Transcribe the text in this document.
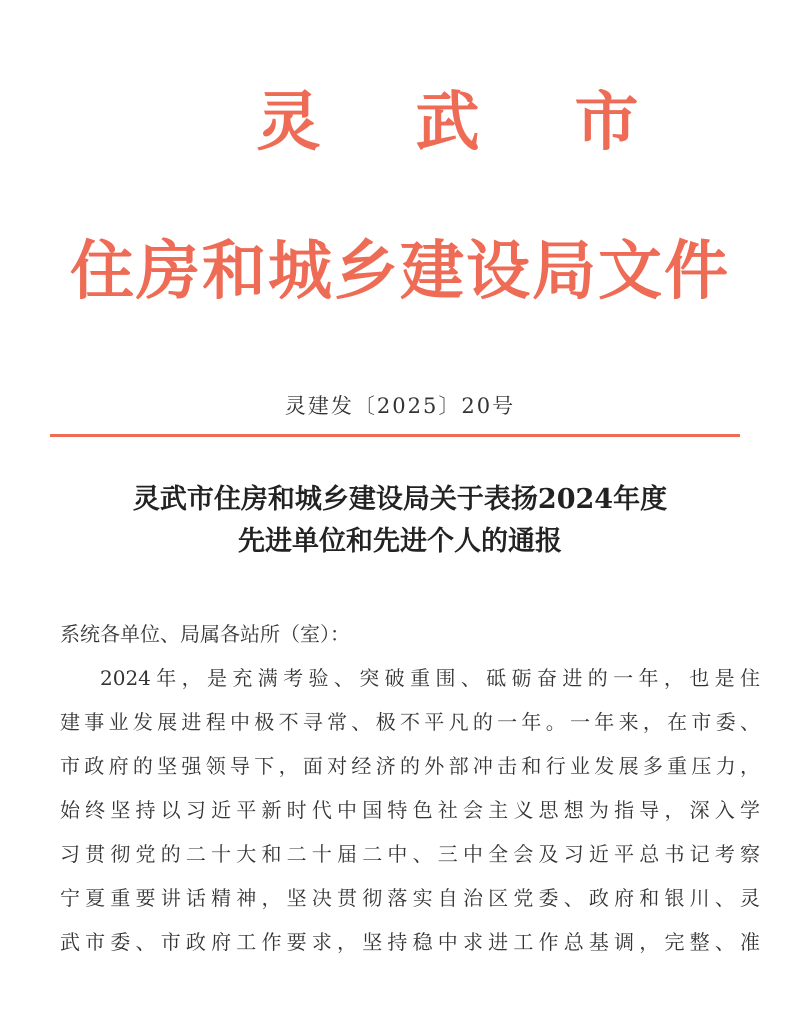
灵武市
住房和城乡建设局文件
灵建发〔2025〕20号
灵武市住房和城乡建设局关于表扬2024年度
先进单位和先进个人的通报
系统各单位、局属各站所（室）：
2024年，是充满考验、突破重围、砥砺奋进的一年，也是住
建事业发展进程中极不寻常、极不平凡的一年。一年来，在市委、
市政府的坚强领导下，面对经济的外部冲击和行业发展多重压力，
始终坚持以习近平新时代中国特色社会主义思想为指导，深入学
习贯彻党的二十大和二十届二中、三中全会及习近平总书记考察
宁夏重要讲话精神，坚决贯彻落实自治区党委、政府和银川、灵
武市委、市政府工作要求，坚持稳中求进工作总基调，完整、准
